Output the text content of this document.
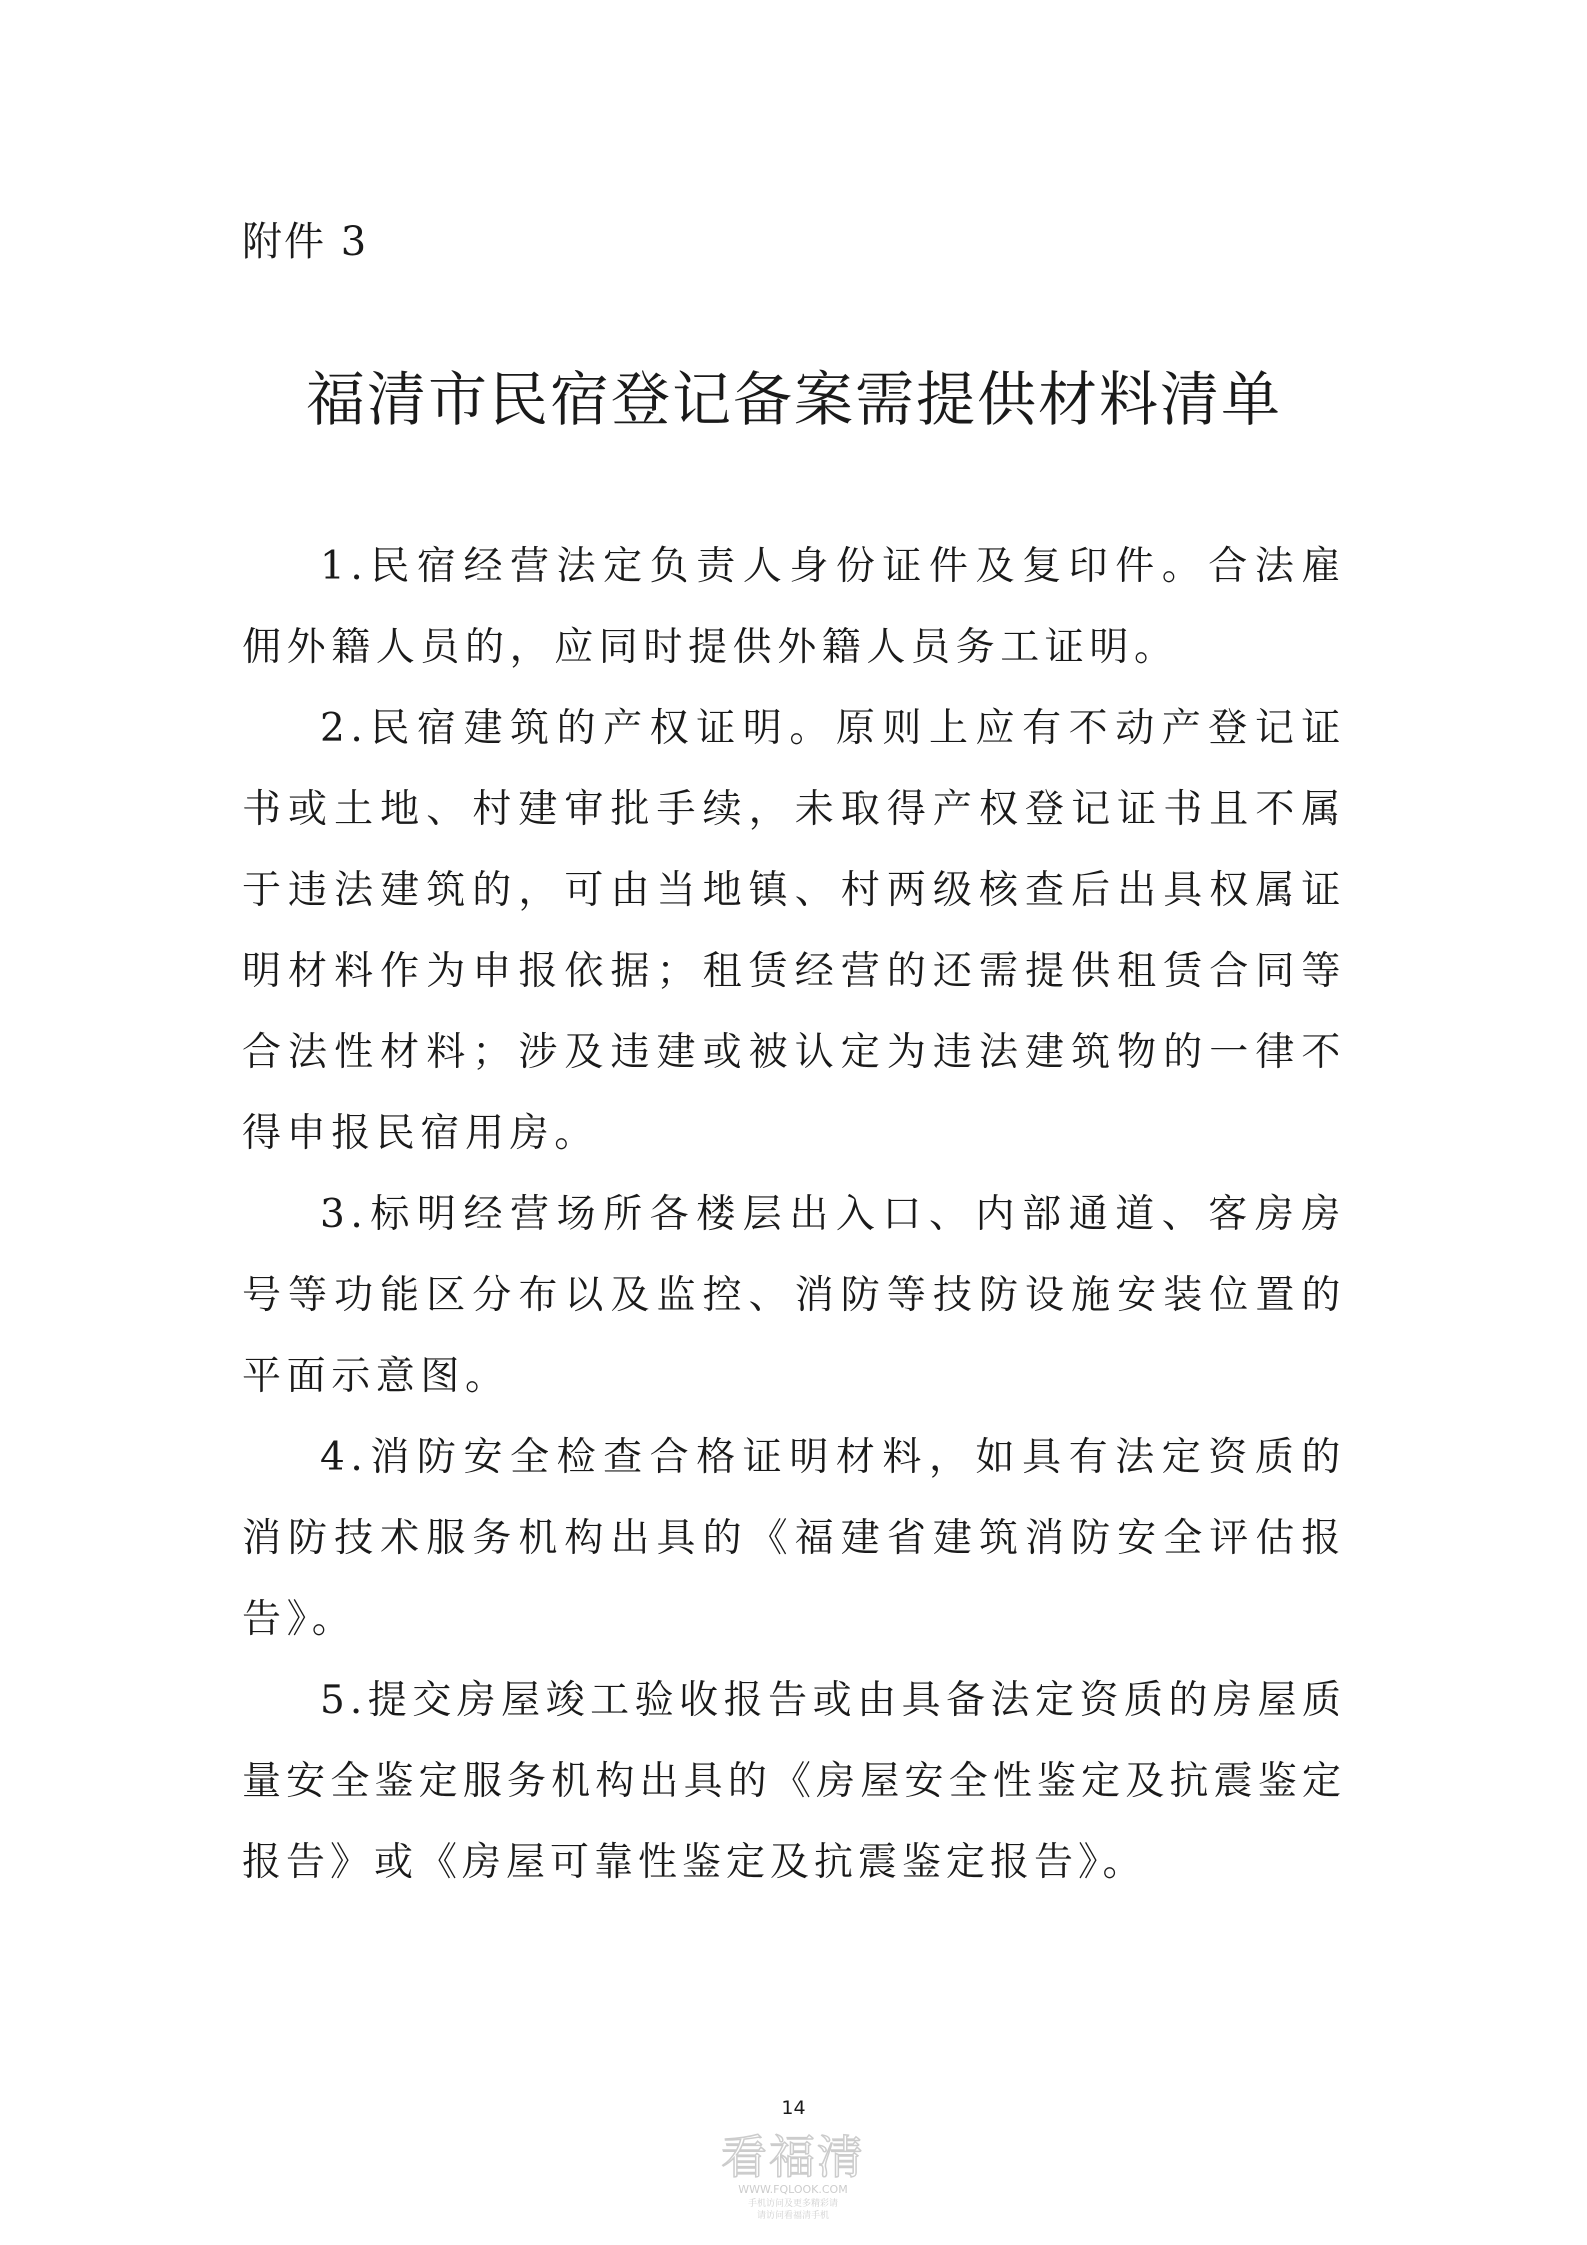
附件 3
福清市民宿登记备案需提供材料清单

1.民宿经营法定负责人身份证件及复印件。合法雇佣外籍人员的，应同时提供外籍人员务工证明。

2.民宿建筑的产权证明。原则上应有不动产登记证书或土地、村建审批手续，未取得产权登记证书且不属于违法建筑的，可由当地镇、村两级核查后出具权属证明材料作为申报依据；租赁经营的还需提供租赁合同等合法性材料；涉及违建或被认定为违法建筑物的一律不得申报民宿用房。

3.标明经营场所各楼层出入口、内部通道、客房房号等功能区分布以及监控、消防等技防设施安装位置的平面示意图。

4.消防安全检查合格证明材料，如具有法定资质的消防技术服务机构出具的《福建省建筑消防安全评估报告》。

5.提交房屋竣工验收报告或由具备法定资质的房屋质量安全鉴定服务机构出具的《房屋安全性鉴定及抗震鉴定报告》或《房屋可靠性鉴定及抗震鉴定报告》。

14
看福清
WWW.FQLOOK.COM
手机访问及更多精彩请
请访问看福清手机
